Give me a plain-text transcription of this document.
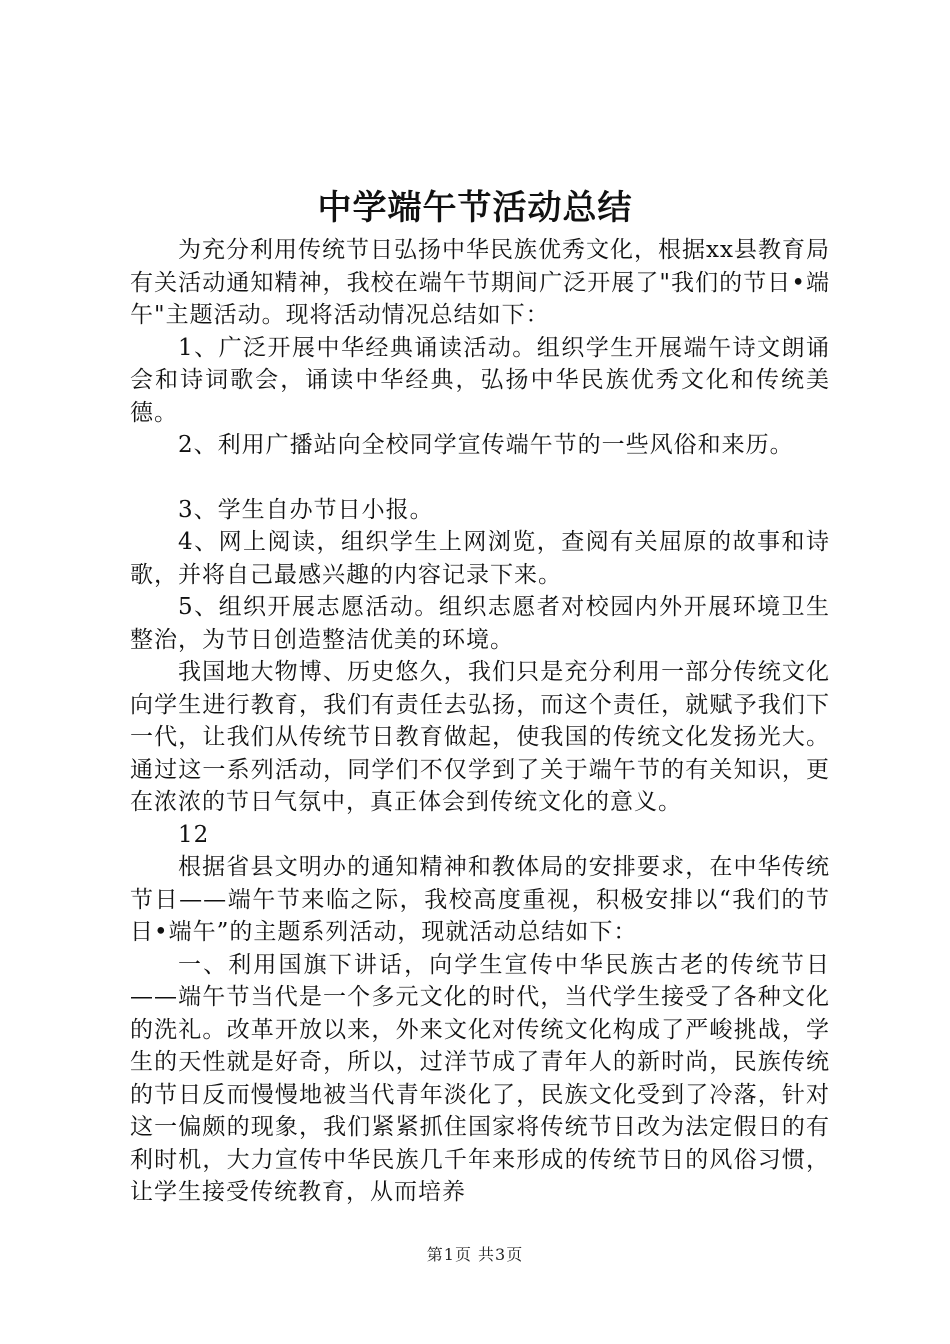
中学端午节活动总结

为充分利用传统节日弘扬中华民族优秀文化，根据xx县教育局有关活动通知精神，我校在端午节期间广泛开展了"我们的节日•端午"主题活动。现将活动情况总结如下：

1、广泛开展中华经典诵读活动。组织学生开展端午诗文朗诵会和诗词歌会，诵读中华经典，弘扬中华民族优秀文化和传统美德。

2、利用广播站向全校同学宣传端午节的一些风俗和来历。

3、学生自办节日小报。

4、网上阅读，组织学生上网浏览，查阅有关屈原的故事和诗歌，并将自己最感兴趣的内容记录下来。

5、组织开展志愿活动。组织志愿者对校园内外开展环境卫生整治，为节日创造整洁优美的环境。

我国地大物博、历史悠久，我们只是充分利用一部分传统文化向学生进行教育，我们有责任去弘扬，而这个责任，就赋予我们下一代，让我们从传统节日教育做起，使我国的传统文化发扬光大。通过这一系列活动，同学们不仅学到了关于端午节的有关知识，更在浓浓的节日气氛中，真正体会到传统文化的意义。

12

根据省县文明办的通知精神和教体局的安排要求，在中华传统节日——端午节来临之际，我校高度重视，积极安排以“我们的节日•端午”的主题系列活动，现就活动总结如下：

一、利用国旗下讲话，向学生宣传中华民族古老的传统节日——端午节当代是一个多元文化的时代，当代学生接受了各种文化的洗礼。改革开放以来，外来文化对传统文化构成了严峻挑战，学生的天性就是好奇，所以，过洋节成了青年人的新时尚，民族传统的节日反而慢慢地被当代青年淡化了，民族文化受到了冷落，针对这一偏颇的现象，我们紧紧抓住国家将传统节日改为法定假日的有利时机，大力宣传中华民族几千年来形成的传统节日的风俗习惯，让学生接受传统教育，从而培养

第1页 共3页
